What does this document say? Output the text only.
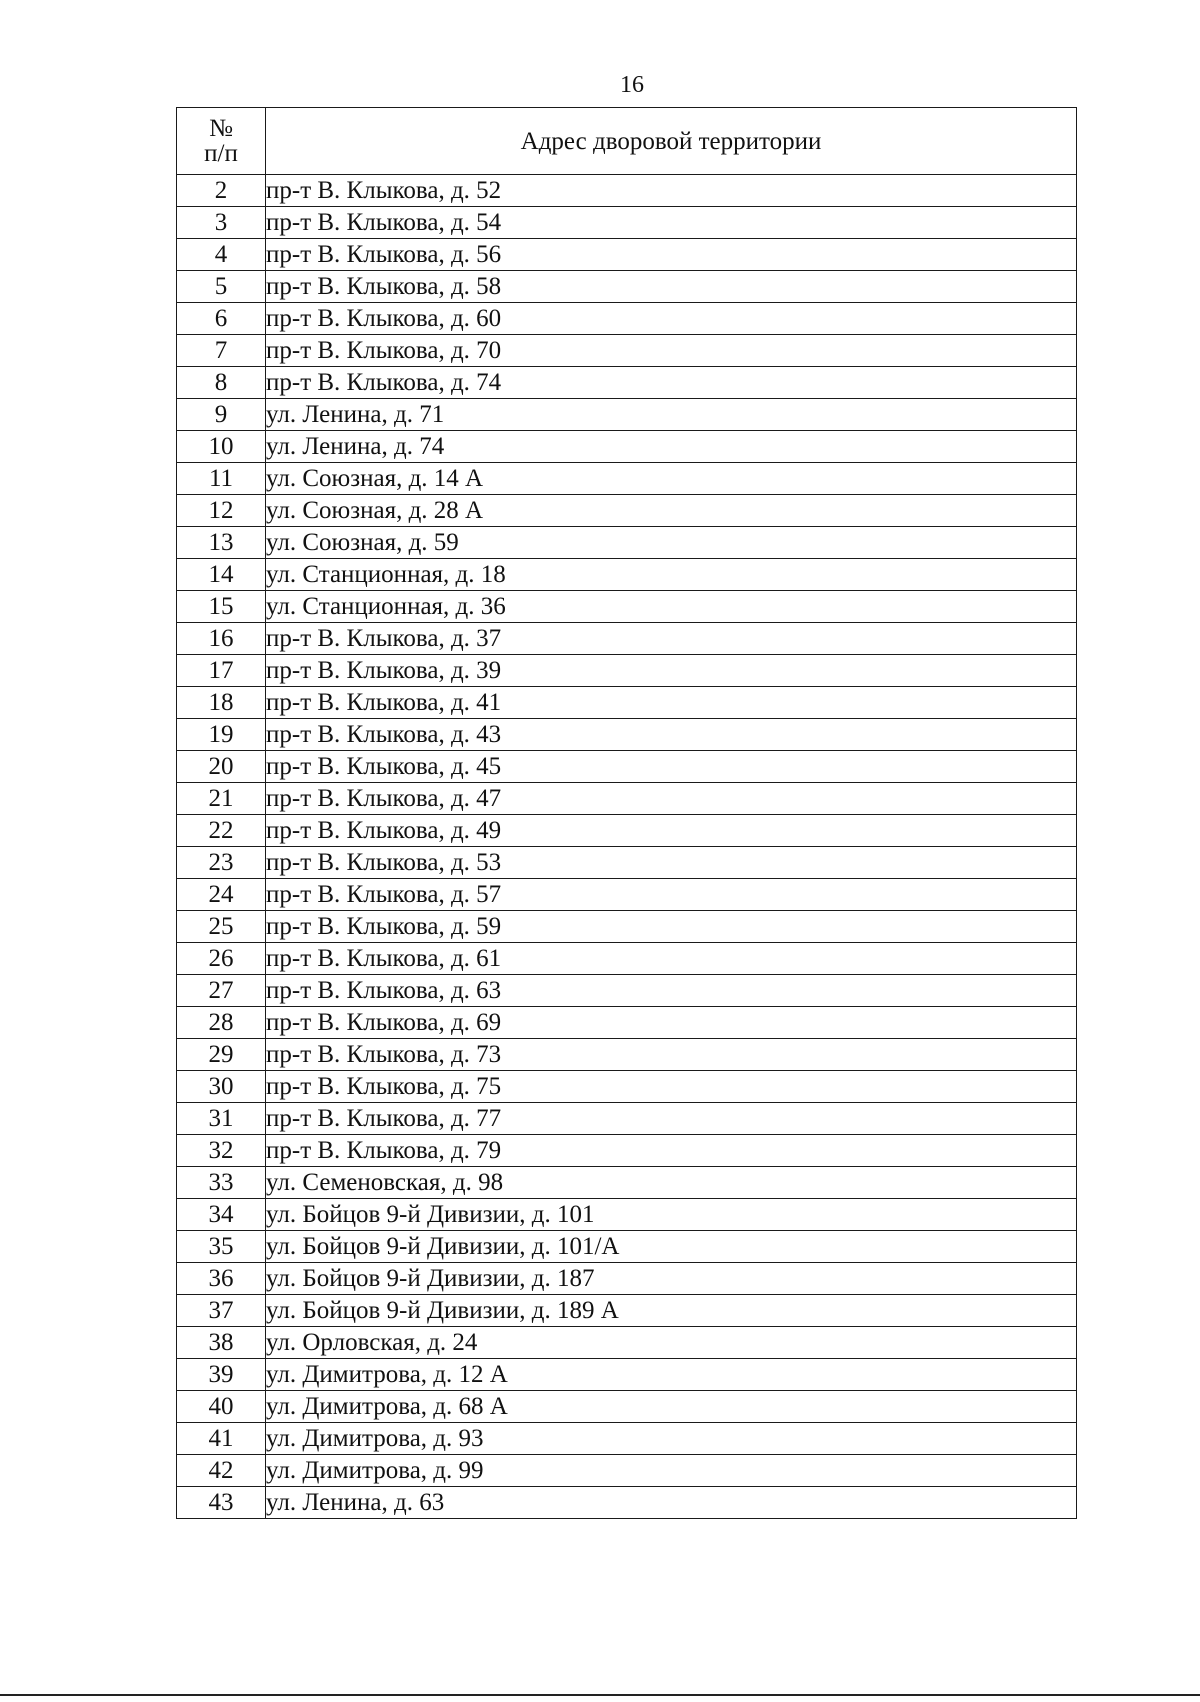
16
№
п/п	Адрес дворовой территории
2	пр-т В. Клыкова, д. 52
3	пр-т В. Клыкова, д. 54
4	пр-т В. Клыкова, д. 56
5	пр-т В. Клыкова, д. 58
6	пр-т В. Клыкова, д. 60
7	пр-т В. Клыкова, д. 70
8	пр-т В. Клыкова, д. 74
9	ул. Ленина, д. 71
10	ул. Ленина, д. 74
11	ул. Союзная, д. 14 А
12	ул. Союзная, д. 28 А
13	ул. Союзная, д. 59
14	ул. Станционная, д. 18
15	ул. Станционная, д. 36
16	пр-т В. Клыкова, д. 37
17	пр-т В. Клыкова, д. 39
18	пр-т В. Клыкова, д. 41
19	пр-т В. Клыкова, д. 43
20	пр-т В. Клыкова, д. 45
21	пр-т В. Клыкова, д. 47
22	пр-т В. Клыкова, д. 49
23	пр-т В. Клыкова, д. 53
24	пр-т В. Клыкова, д. 57
25	пр-т В. Клыкова, д. 59
26	пр-т В. Клыкова, д. 61
27	пр-т В. Клыкова, д. 63
28	пр-т В. Клыкова, д. 69
29	пр-т В. Клыкова, д. 73
30	пр-т В. Клыкова, д. 75
31	пр-т В. Клыкова, д. 77
32	пр-т В. Клыкова, д. 79
33	ул. Семеновская, д. 98
34	ул. Бойцов 9-й Дивизии, д. 101
35	ул. Бойцов 9-й Дивизии, д. 101/А
36	ул. Бойцов 9-й Дивизии, д. 187
37	ул. Бойцов 9-й Дивизии, д. 189 А
38	ул. Орловская, д. 24
39	ул. Димитрова, д. 12 А
40	ул. Димитрова, д. 68 А
41	ул. Димитрова, д. 93
42	ул. Димитрова, д. 99
43	ул. Ленина, д. 63
